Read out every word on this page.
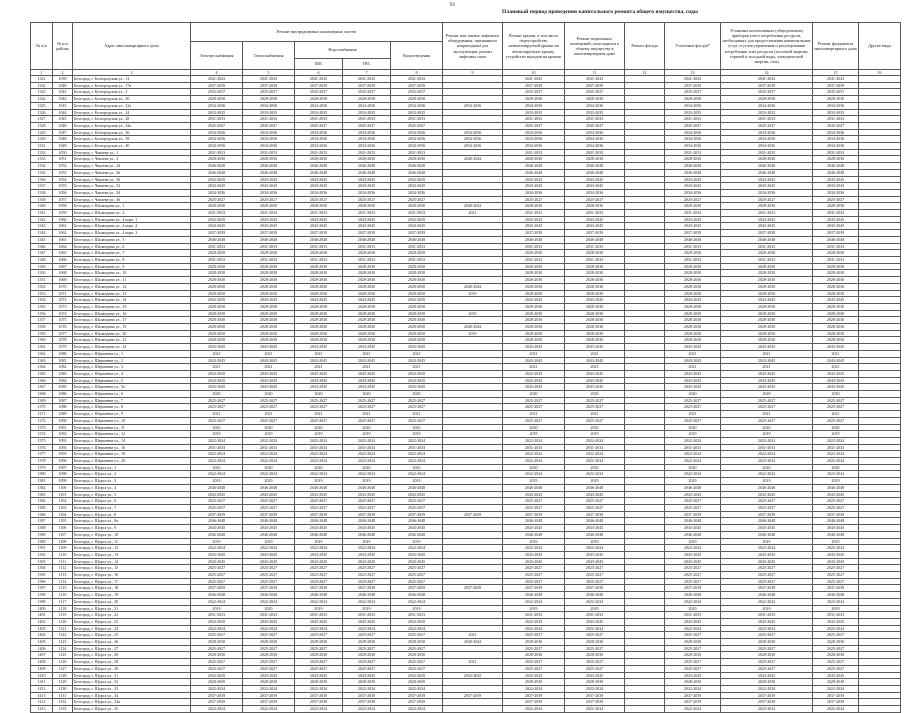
91
Плановый период проведения капитального ремонта общего имущества, годы
№ п/п	№ п/п района	Адрес многоквартирного дома	Ремонт внутридомовых инженерных систем					Ремонт или замена лифтового оборудования, признанного непригодным для эксплуатации, ремонт лифтовых шахт	Ремонт крыши, в том числе переустройство невентилируемой крыши на вентилируемую крышу, устройство выходов на кровлю	Ремонт подвальных помещений, относящихся к общему имуществу в многоквартирном доме	Ремонт фасада	Утепление фасада*	Установка коллективных (общедомовых) приборов учета потребления ресурсов, необходимых для предоставления коммунальных услуг, и узлов управления и регулирования потребления этих ресурсов (тепловой энергии, горячей и холодной воды, электрической энергии, газа)	Ремонт фундамента многоквартирного дома	Другие виды
			Электроснабжения	Теплоснабжения	Водоснабжения		Водоотведения								
					ХВС	ГВС									
1	2	3	4	5	6	7	8	9	10	11	12	13	14	15	16
1321	1039	Белгород, г. Белгородская ул., 12	2041-2043	2041-2043	2041-2043	2041-2043	2041-2043		2041-2043	2041-2043		2041-2043	2041-2043	2041-2043	
1322	1040	Белгород, г. Белгородская ул., 17в	2037-2039	2037-2039	2037-2039	2037-2039	2037-2039		2037-2039	2037-2039		2037-2039	2037-2039	2037-2039	
1323	1041	Белгород, г. Белгородская ул., 2	2035-2037	2035-2037	2035-2037	2035-2037	2035-2037		2035-2037	2035-2037		2035-2037	2035-2037	2035-2037	
1324	1042	Белгород, г. Белгородская ул., 20	2028-2030	2028-2030	2028-2030	2028-2030	2028-2030		2028-2030	2028-2030		2028-2030	2028-2030	2028-2030	
1325	1043	Белгород, г. Белгородская ул., 22а	2034-2036	2034-2036	2034-2036	2034-2036	2034-2036	2034-2036	2034-2036	2034-2036		2034-2036	2034-2036	2034-2036	
1326	1044	Белгород, г. Белгородская ул., 24	2033-2035	2033-2035	2033-2035	2033-2035	2033-2035		2033-2035	2033-2035		2033-2035	2033-2035	2033-2035	
1327	1045	Белгород, г. Белгородская ул., 28	2031-2033	2031-2033	2031-2033	2031-2033	2031-2033		2031-2033	2031-2033		2031-2033	2031-2033	2031-2033	
1328	1046	Белгород, г. Белгородская ул., 34а	2045-2047	2045-2047	2045-2047	2045-2047	2045-2047		2045-2047	2045-2047		2045-2047	2045-2047	2045-2047	
1329	1047	Белгород, г. Белгородская ул., 36	2034-2036	2034-2036	2034-2036	2034-2036	2034-2036	2034-2036	2034-2036	2034-2036		2034-2036	2034-2036	2034-2036	
1330	1048	Белгород, г. Белгородская ул., 38	2034-2036	2034-2036	2034-2036	2034-2036	2034-2036	2034-2036	2034-2036	2034-2036		2034-2036	2034-2036	2034-2036	
1331	1049	Белгород, г. Белгородская ул., 40	2034-2036	2034-2036	2034-2036	2034-2036	2034-2036	2034-2036	2034-2036	2034-2036		2034-2036	2034-2036	2034-2036	
1332	1050	Белгород, г. Чапаева ул., 1	2031-2033	2031-2033	2031-2033	2031-2033	2031-2033		2031-2033	2031-2033		2031-2033	2031-2033	2031-2033	
1333	1051	Белгород, г. Чапаева ул., 2	2028-2030	2028-2030	2028-2030	2028-2030	2028-2030	2040-2042	2028-2030	2028-2030		2028-2030	2028-2030	2028-2030	
1334	1052	Белгород, г. Чапаева ул., 24	2046-2048	2046-2048	2046-2048	2046-2048	2046-2048		2046-2048	2046-2048		2046-2048	2046-2048	2046-2048	
1335	1053	Белгород, г. Чапаева ул., 26	2046-2048	2046-2048	2046-2048	2046-2048	2046-2048		2046-2048	2046-2048		2046-2048	2046-2048	2046-2048	
1336	1054	Белгород, г. Чапаева ул., 30	2043-2045	2043-2045	2043-2045	2043-2045	2043-2045		2043-2045	2043-2045		2043-2045	2043-2045	2043-2045	
1337	1055	Белгород, г. Чапаева ул., 32	2043-2045	2043-2045	2043-2045	2043-2045	2043-2045		2043-2045	2043-2045		2043-2045	2043-2045	2043-2045	
1338	1056	Белгород, г. Чапаева ул., 34	2034-2036	2034-2036	2034-2036	2034-2036	2034-2036		2034-2036	2034-2036		2034-2036	2034-2036	2034-2036	
1339	1057	Белгород, г. Чапаева ул., 36	2025-2027	2025-2027	2025-2027	2025-2027	2025-2027		2025-2027	2025-2027		2025-2027	2025-2027	2025-2027	
1340	1058	Белгород, г. Шаландина ул., 1	2028-2030	2028-2030	2028-2030	2028-2030	2028-2030	2040-2042	2028-2030	2028-2030		2028-2030	2028-2030	2028-2030	
1341	1059	Белгород, г. Шаландина ул., 2	2031-2033	2031-2033	2031-2033	2031-2033	2031-2033	2021	2031-2033	2031-2033		2031-2033	2031-2033	2031-2033	
1342	1060	Белгород, г. Шаландина ул., 4 корп. 1	2043-2045	2043-2045	2043-2045	2043-2045	2043-2045		2043-2045	2043-2045		2043-2045	2043-2045	2043-2045	
1343	1061	Белгород, г. Шаландина ул., 4 корп. 2	2043-2045	2043-2045	2043-2045	2043-2045	2043-2045		2043-2045	2043-2045		2043-2045	2043-2045	2043-2045	
1344	1062	Белгород, г. Шаландина ул., 4 корп. 3	2037-2039	2037-2039	2037-2039	2037-2039	2037-2039		2037-2039	2037-2039		2037-2039	2037-2039	2037-2039	
1345	1063	Белгород, г. Шаландина ул., 5	2046-2048	2046-2048	2046-2048	2046-2048	2046-2048		2046-2048	2046-2048		2046-2048	2046-2048	2046-2048	
1346	1064	Белгород, г. Шаландина ул., 6	2031-2033	2031-2033	2031-2033	2031-2033	2031-2033		2031-2033	2031-2033		2031-2033	2031-2033	2031-2033	
1347	1065	Белгород, г. Шаландина ул., 7	2028-2030	2028-2030	2028-2030	2028-2030	2028-2030		2028-2030	2028-2030		2028-2030	2028-2030	2028-2030	
1348	1066	Белгород, г. Шаландина ул., 8	2031-2033	2031-2033	2031-2033	2031-2033	2031-2033		2031-2033	2031-2033		2031-2033	2031-2033	2031-2033	
1349	1067	Белгород, г. Шаландина ул., 9	2028-2030	2028-2030	2028-2030	2028-2030	2028-2030		2028-2030	2028-2030		2028-2030	2028-2030	2028-2030	
1350	1068	Белгород, г. Шаландина ул., 10	2028-2030	2028-2030	2028-2030	2028-2030	2028-2030		2028-2030	2028-2030		2028-2030	2028-2030	2028-2030	
1351	1069	Белгород, г. Шаландина ул., 11	2028-2030	2028-2030	2028-2030	2028-2030	2028-2030		2028-2030	2028-2030		2028-2030	2028-2030	2028-2030	
1352	1070	Белгород, г. Шаландина ул., 12	2028-2030	2028-2030	2028-2030	2028-2030	2028-2030	2040-2042	2028-2030	2028-2030		2028-2030	2028-2030	2028-2030	
1353	1071	Белгород, г. Шаландина ул., 13	2028-2030	2028-2030	2028-2030	2028-2030	2028-2030	2019	2028-2030	2028-2030		2028-2030	2028-2030	2028-2030	
1354	1072	Белгород, г. Шаландина ул., 14	2043-2045	2043-2045	2043-2045	2043-2045	2043-2045		2043-2045	2043-2045		2043-2045	2043-2045	2043-2045	
1355	1073	Белгород, г. Шаландина ул., 15	2028-2030	2028-2030	2028-2030	2028-2030	2028-2030		2028-2030	2028-2030		2028-2030	2028-2030	2028-2030	
1356	1074	Белгород, г. Шаландина ул., 16	2028-2030	2028-2030	2028-2030	2028-2030	2028-2030	2019	2028-2030	2028-2030		2028-2030	2028-2030	2028-2030	
1357	1075	Белгород, г. Шаландина ул., 17	2028-2030	2028-2030	2028-2030	2028-2030	2028-2030		2028-2030	2028-2030		2028-2030	2028-2030	2028-2030	
1358	1076	Белгород, г. Шаландина ул., 19	2028-2030	2028-2030	2028-2030	2028-2030	2028-2030	2040-2042	2028-2030	2028-2030		2028-2030	2028-2030	2028-2030	
1359	1077	Белгород, г. Шаландина ул., 20	2028-2030	2028-2030	2028-2030	2028-2030	2028-2030	2019	2028-2030	2028-2030		2028-2030	2028-2030	2028-2030	
1360	1078	Белгород, г. Шаландина ул., 21	2028-2030	2028-2030	2028-2030	2028-2030	2028-2030		2028-2030	2028-2030		2028-2030	2028-2030	2028-2030	
1361	1079	Белгород, г. Шаландина ул., 22	2043-2045	2043-2045	2043-2045	2043-2045	2043-2045		2043-2045	2043-2045		2043-2045	2043-2045	2043-2045	
1362	1080	Белгород, г. Шершнева ул., 1	2021	2021	2021	2021	2021		2021	2021		2021	2021	2021	
1363	1081	Белгород, г. Шершнева ул., 2	2043-2045	2043-2045	2043-2045	2043-2045	2043-2045		2043-2045	2043-2045		2043-2045	2043-2045	2043-2045	
1364	1082	Белгород, г. Шершнева ул., 3	2021	2021	2021	2021	2021		2021	2021		2021	2021	2021	
1365	1083	Белгород, г. Шершнева ул., 4	2043-2045	2043-2045	2043-2045	2043-2045	2043-2045		2043-2045	2043-2045		2043-2045	2043-2045	2043-2045	
1366	1084	Белгород, г. Шершнева ул., 5	2043-2045	2043-2045	2043-2045	2043-2045	2043-2045		2043-2045	2043-2045		2043-2045	2043-2045	2043-2045	
1367	1085	Белгород, г. Шершнева ул., 5а	2043-2045	2043-2045	2043-2045	2043-2045	2043-2045		2043-2045	2043-2045		2043-2045	2043-2045	2043-2045	
1368	1086	Белгород, г. Шершнева ул., 6	2020	2020	2020	2020	2020		2020	2020		2020	2020	2020	
1369	1087	Белгород, г. Шершнева ул., 7	2025-2027	2025-2027	2025-2027	2025-2027	2025-2027		2025-2027	2025-2027		2025-2027	2025-2027	2025-2027	
1370	1088	Белгород, г. Шершнева ул., 8	2025-2027	2025-2027	2025-2027	2025-2027	2025-2027		2025-2027	2025-2027		2025-2027	2025-2027	2025-2027	
1371	1089	Белгород, г. Шершнева ул., 9	2021	2021	2021	2021	2021		2021	2021		2021	2021	2021	
1372	1090	Белгород, г. Шершнева ул., 10	2025-2027	2025-2027	2025-2027	2025-2027	2025-2027		2025-2027	2025-2027		2025-2027	2025-2027	2025-2027	
1373	1091	Белгород, г. Шершнева ул., 11	2020	2020	2020	2020	2020		2020	2020		2020	2020	2020	
1374	1092	Белгород, г. Шершнева ул., 12	2019	2019	2019	2019	2019		2019	2019		2019	2019	2019	
1375	1093	Белгород, г. Шершнева ул., 14	2022-2024	2022-2024	2022-2024	2022-2024	2022-2024		2022-2024	2022-2024		2022-2024	2022-2024	2022-2024	
1376	1094	Белгород, г. Шершнева ул., 16	2031-2033	2031-2033	2031-2033	2031-2033	2031-2033		2031-2033	2031-2033		2031-2033	2031-2033	2031-2033	
1377	1095	Белгород, г. Шершнева ул., 18	2022-2024	2022-2024	2022-2024	2022-2024	2022-2024		2022-2024	2022-2024		2022-2024	2022-2024	2022-2024	
1378	1096	Белгород, г. Шершнева ул., 20	2022-2024	2022-2024	2022-2024	2022-2024	2022-2024		2022-2024	2022-2024		2022-2024	2022-2024	2022-2024	
1379	1097	Белгород, г. Щорса ул., 1	2020	2020	2020	2020	2020		2020	2020		2020	2020	2020	
1380	1098	Белгород, г. Щорса ул., 2	2022-2024	2022-2024	2022-2024	2022-2024	2022-2024		2022-2024	2022-2024		2022-2024	2022-2024	2022-2024	
1381	1099	Белгород, г. Щорса ул., 3	2019	2019	2019	2019	2019		2019	2019		2019	2019	2019	
1382	1100	Белгород, г. Щорса ул., 4	2046-2048	2046-2048	2046-2048	2046-2048	2046-2048		2046-2048	2046-2048		2046-2048	2046-2048	2046-2048	
1383	1101	Белгород, г. Щорса ул., 5	2043-2045	2043-2045	2043-2045	2043-2045	2043-2045		2043-2045	2043-2045		2043-2045	2043-2045	2043-2045	
1384	1102	Белгород, г. Щорса ул., 6	2025-2027	2025-2027	2025-2027	2025-2027	2025-2027		2025-2027	2025-2027		2025-2027	2025-2027	2025-2027	
1385	1103	Белгород, г. Щорса ул., 7	2025-2027	2025-2027	2025-2027	2025-2027	2025-2027		2025-2027	2025-2027		2025-2027	2025-2027	2025-2027	
1386	1104	Белгород, г. Щорса ул., 8	2037-2039	2037-2039	2037-2039	2037-2039	2037-2039	2037-2039	2037-2039	2037-2039		2037-2039	2037-2039	2037-2039	
1387	1105	Белгород, г. Щорса ул., 8а	2046-2048	2046-2048	2046-2048	2046-2048	2046-2048		2046-2048	2046-2048		2046-2048	2046-2048	2046-2048	
1388	1106	Белгород, г. Щорса ул., 9	2043-2045	2043-2045	2043-2045	2043-2045	2043-2045		2043-2045	2043-2045		2043-2045	2043-2045	2043-2045	
1389	1107	Белгород, г. Щорса ул., 10	2046-2048	2046-2048	2046-2048	2046-2048	2046-2048		2046-2048	2046-2048		2046-2048	2046-2048	2046-2048	
1390	1108	Белгород, г. Щорса ул., 11	2019	2019	2019	2019	2019		2019	2019		2019	2019	2019	
1391	1109	Белгород, г. Щорса ул., 12	2022-2024	2022-2024	2022-2024	2022-2024	2022-2024		2022-2024	2022-2024		2022-2024	2022-2024	2022-2024	
1392	1110	Белгород, г. Щорса ул., 13	2043-2045	2043-2045	2043-2045	2043-2045	2043-2045		2043-2045	2043-2045		2043-2045	2043-2045	2043-2045	
1393	1111	Белгород, г. Щорса ул., 14	2043-2045	2043-2045	2043-2045	2043-2045	2043-2045		2043-2045	2043-2045		2043-2045	2043-2045	2043-2045	
1394	1112	Белгород, г. Щорса ул., 15	2025-2027	2025-2027	2025-2027	2025-2027	2025-2027		2025-2027	2025-2027		2025-2027	2025-2027	2025-2027	
1395	1113	Белгород, г. Щорса ул., 16	2025-2027	2025-2027	2025-2027	2025-2027	2025-2027		2025-2027	2025-2027		2025-2027	2025-2027	2025-2027	
1396	1114	Белгород, г. Щорса ул., 17	2025-2027	2025-2027	2025-2027	2025-2027	2025-2027		2025-2027	2025-2027		2025-2027	2025-2027	2025-2027	
1397	1115	Белгород, г. Щорса ул., 18	2037-2039	2037-2039	2037-2039	2037-2039	2037-2039	2037-2039	2037-2039	2037-2039		2037-2039	2037-2039	2037-2039	
1398	1116	Белгород, г. Щорса ул., 19	2046-2048	2046-2048	2046-2048	2046-2048	2046-2048		2046-2048	2046-2048		2046-2048	2046-2048	2046-2048	
1399	1117	Белгород, г. Щорса ул., 20	2022-2024	2022-2024	2022-2024	2022-2024	2022-2024		2022-2024	2022-2024		2022-2024	2022-2024	2022-2024	
1400	1118	Белгород, г. Щорса ул., 21	2019	2019	2019	2019	2019		2019	2019		2019	2019	2019	
1401	1119	Белгород, г. Щорса ул., 22	2031-2033	2031-2033	2031-2033	2031-2033	2031-2033		2031-2033	2031-2033		2031-2033	2031-2033	2031-2033	
1402	1120	Белгород, г. Щорса ул., 23	2043-2045	2043-2045	2043-2045	2043-2045	2043-2045		2043-2045	2043-2045		2043-2045	2043-2045	2043-2045	
1403	1121	Белгород, г. Щорса ул., 24	2022-2024	2022-2024	2022-2024	2022-2024	2022-2024		2022-2024	2022-2024		2022-2024	2022-2024	2022-2024	
1404	1122	Белгород, г. Щорса ул., 25	2025-2027	2025-2027	2025-2027	2025-2027	2025-2027	2021	2025-2027	2025-2027		2025-2027	2025-2027	2025-2027	
1405	1123	Белгород, г. Щорса ул., 26	2028-2030	2028-2030	2028-2030	2028-2030	2028-2030	2040-2042	2028-2030	2028-2030		2028-2030	2028-2030	2028-2030	
1406	1124	Белгород, г. Щорса ул., 27	2025-2027	2025-2027	2025-2027	2025-2027	2025-2027		2025-2027	2025-2027		2025-2027	2025-2027	2025-2027	
1407	1125	Белгород, г. Щорса ул., 28	2028-2030	2028-2030	2028-2030	2028-2030	2028-2030		2028-2030	2028-2030		2028-2030	2028-2030	2028-2030	
1408	1126	Белгород, г. Щорса ул., 29	2025-2027	2025-2027	2025-2027	2025-2027	2025-2027	2021	2025-2027	2025-2027		2025-2027	2025-2027	2025-2027	
1409	1127	Белгород, г. Щорса ул., 30	2025-2027	2025-2027	2025-2027	2025-2027	2025-2027		2025-2027	2025-2027		2025-2027	2025-2027	2025-2027	
1410	1128	Белгород, г. Щорса ул., 31	2043-2045	2043-2045	2043-2045	2043-2045	2043-2045	2043-2045	2043-2045	2043-2045		2043-2045	2043-2045	2043-2045	
1411	1129	Белгород, г. Щорса ул., 32	2028-2030	2028-2030	2028-2030	2028-2030	2028-2030		2028-2030	2028-2030		2028-2030	2028-2030	2028-2030	
1412	1130	Белгород, г. Щорса ул., 33	2022-2024	2022-2024	2022-2024	2022-2024	2022-2024		2022-2024	2022-2024		2022-2024	2022-2024	2022-2024	
1413	1131	Белгород, г. Щорса ул., 34	2037-2039	2037-2039	2037-2039	2037-2039	2037-2039	2037-2039	2037-2039	2037-2039		2037-2039	2037-2039	2037-2039	
1414	1132	Белгород, г. Щорса ул., 34а	2037-2039	2037-2039	2037-2039	2037-2039	2037-2039		2037-2039	2037-2039		2037-2039	2037-2039	2037-2039	
1415	1133	Белгород, г. Щорса ул., 35	2022-2024	2022-2024	2022-2024	2022-2024	2022-2024		2022-2024	2022-2024		2022-2024	2022-2024	2022-2024	
